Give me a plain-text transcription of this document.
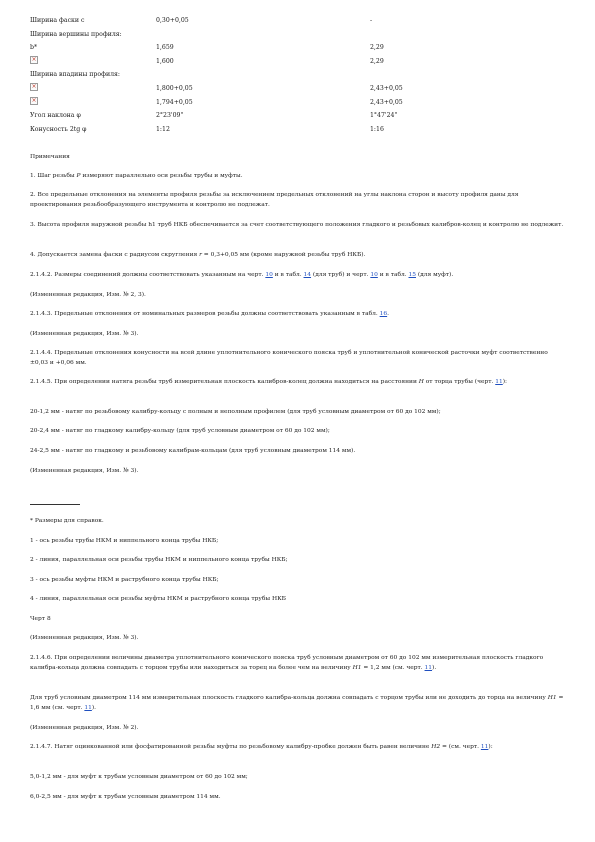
Ширина фаски c	0,30+0,05	-
Ширина вершины профиля:
b*	1,659	2,29
×	1,600	2,29
Ширина впадины профиля:
×	1,800+0,05	2,43+0,05
×	1,794+0,05	2,43+0,05
Угол наклона φ	2°23'09"	1°47'24"
Конусность 2tg φ	1:12	1:16
Примечания
1. Шаг резьбы P измеряют параллельно оси резьбы трубы и муфты.
2. Все предельные отклонения на элементы профиля резьбы за исключением предельных отклонений на углы наклона сторон и высоту профиля даны для проектирования резьбообразующего инструмента и контролю не подлежат.
3. Высота профиля наружной резьбы h1 труб НКБ обеспечивается за счет соответствующего положения гладкого и резьбовых калибров-колец и контролю не подлежит.
4. Допускается замена фаски с радиусом скругления r = 0,3+0,05 мм (кроме наружной резьбы труб НКБ).
2.1.4.2. Размеры соединений должны соответствовать указанным на черт. 10 и в табл. 14 (для труб) и черт. 10 и в табл. 15 (для муфт).
(Измененная редакция, Изм. № 2, 3).
2.1.4.3. Предельные отклонения от номинальных размеров резьбы должны соответствовать указанным в табл. 16.
(Измененная редакция, Изм. № 3).
2.1.4.4. Предельные отклонения конусности на всей длине уплотнительного конического пояска труб и уплотнительной конической расточки муфт соответственно ±0,03 и +0,06 мм.
2.1.4.5. При определении натяга резьбы труб измерительная плоскость калибров-колец должна находиться на расстоянии H от торца трубы (черт. 11):
20-1,2 мм - натяг по резьбовому калибру-кольцу с полным и неполным профилем (для труб условным диаметром от 60 до 102 мм);
20-2,4 мм - натяг по гладкому калибру-кольцу (для труб условным диаметром от 60 до 102 мм);
24-2,5 мм - натяг по гладкому и резьбовому калибрам-кольцам (для труб условным диаметром 114 мм).
(Измененная редакция, Изм. № 3).
* Размеры для справок.
1 - ось резьбы трубы НКМ и ниппельного конца трубы НКБ;
2 - линия, параллельная оси резьбы трубы НКМ и ниппельного конца трубы НКБ;
3 - ось резьбы муфты НКМ и раструбного конца трубы НКБ;
4 - линия, параллельная оси резьбы муфты НКМ и раструбного конца трубы НКБ
Черт 8
(Измененная редакция, Изм. № 3).
2.1.4.6. При определении величины диаметра уплотнительного конического пояска труб условным диаметром от 60 до 102 мм измерительная плоскость гладкого калибра-кольца должна совпадать с торцом трубы или находиться за торец на более чем на величину H1 = 1,2 мм (см. черт. 11).
Для труб условным диаметром 114 мм измерительная плоскость гладкого калибра-кольца должна совпадать с торцом трубы или не доходить до торца на величину H1 = 1,6 мм (см. черт. 11).
(Измененная редакция, Изм. № 2).
2.1.4.7. Натяг оцинкованной или фосфатированной резьбы муфты по резьбовому калибру-пробке должен быть равен величине H2 = (см. черт. 11):
5,0-1,2 мм - для муфт к трубам условным диаметром от 60 до 102 мм;
6,0-2,5 мм - для муфт к трубам условным диаметром 114 мм.
